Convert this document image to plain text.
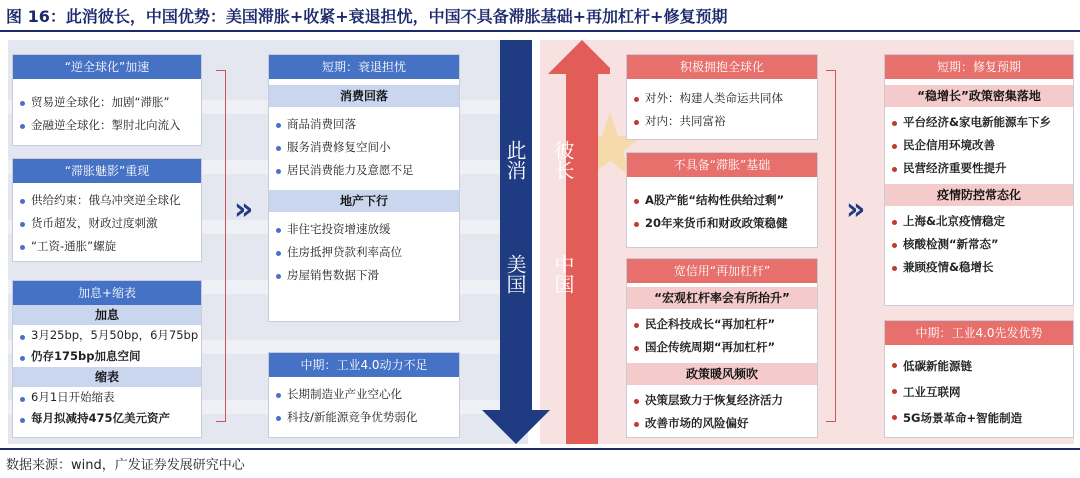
图 16：此消彼长，中国优势：美国滞胀+收紧+衰退担忧，中国不具备滞胀基础+再加杠杆+修复预期
“逆全球化”加速
贸易逆全球化：加剧“滞胀”
金融逆全球化：掣肘北向流入
“滞胀魅影”重现
供给约束：俄乌冲突逆全球化
货币超发，财政过度刺激
“工资-通胀”螺旋
加息+缩表
加息
3月25bp，5月50bp，6月75bp
仍存175bp加息空间
缩表
6月1日开始缩表
每月拟减持475亿美元资产
»
短期：衰退担忧
消费回落
商品消费回落
服务消费修复空间小
居民消费能力及意愿不足
地产下行
非住宅投资增速放缓
住房抵押贷款利率高位
房屋销售数据下滑
中期：工业4.0动力不足
长期制造业产业空心化
科技/新能源竞争优势弱化
此消
美国
彼长
中国
积极拥抱全球化
对外：构建人类命运共同体
对内：共同富裕
不具备“滞胀”基础
A股产能“结构性供给过剩”
20年来货币和财政政策稳健
宽信用“再加杠杆”
“宏观杠杆率会有所抬升”
民企科技成长“再加杠杆”
国企传统周期“再加杠杆”
政策暖风频吹
决策层致力于恢复经济活力
改善市场的风险偏好
»
短期：修复预期
“稳增长”政策密集落地
平台经济&家电新能源车下乡
民企信用环境改善
民营经济重要性提升
疫情防控常态化
上海&北京疫情稳定
核酸检测“新常态”
兼顾疫情&稳增长
中期：工业4.0先发优势
低碳新能源链
工业互联网
5G场景革命+智能制造
数据来源：wind，广发证券发展研究中心
